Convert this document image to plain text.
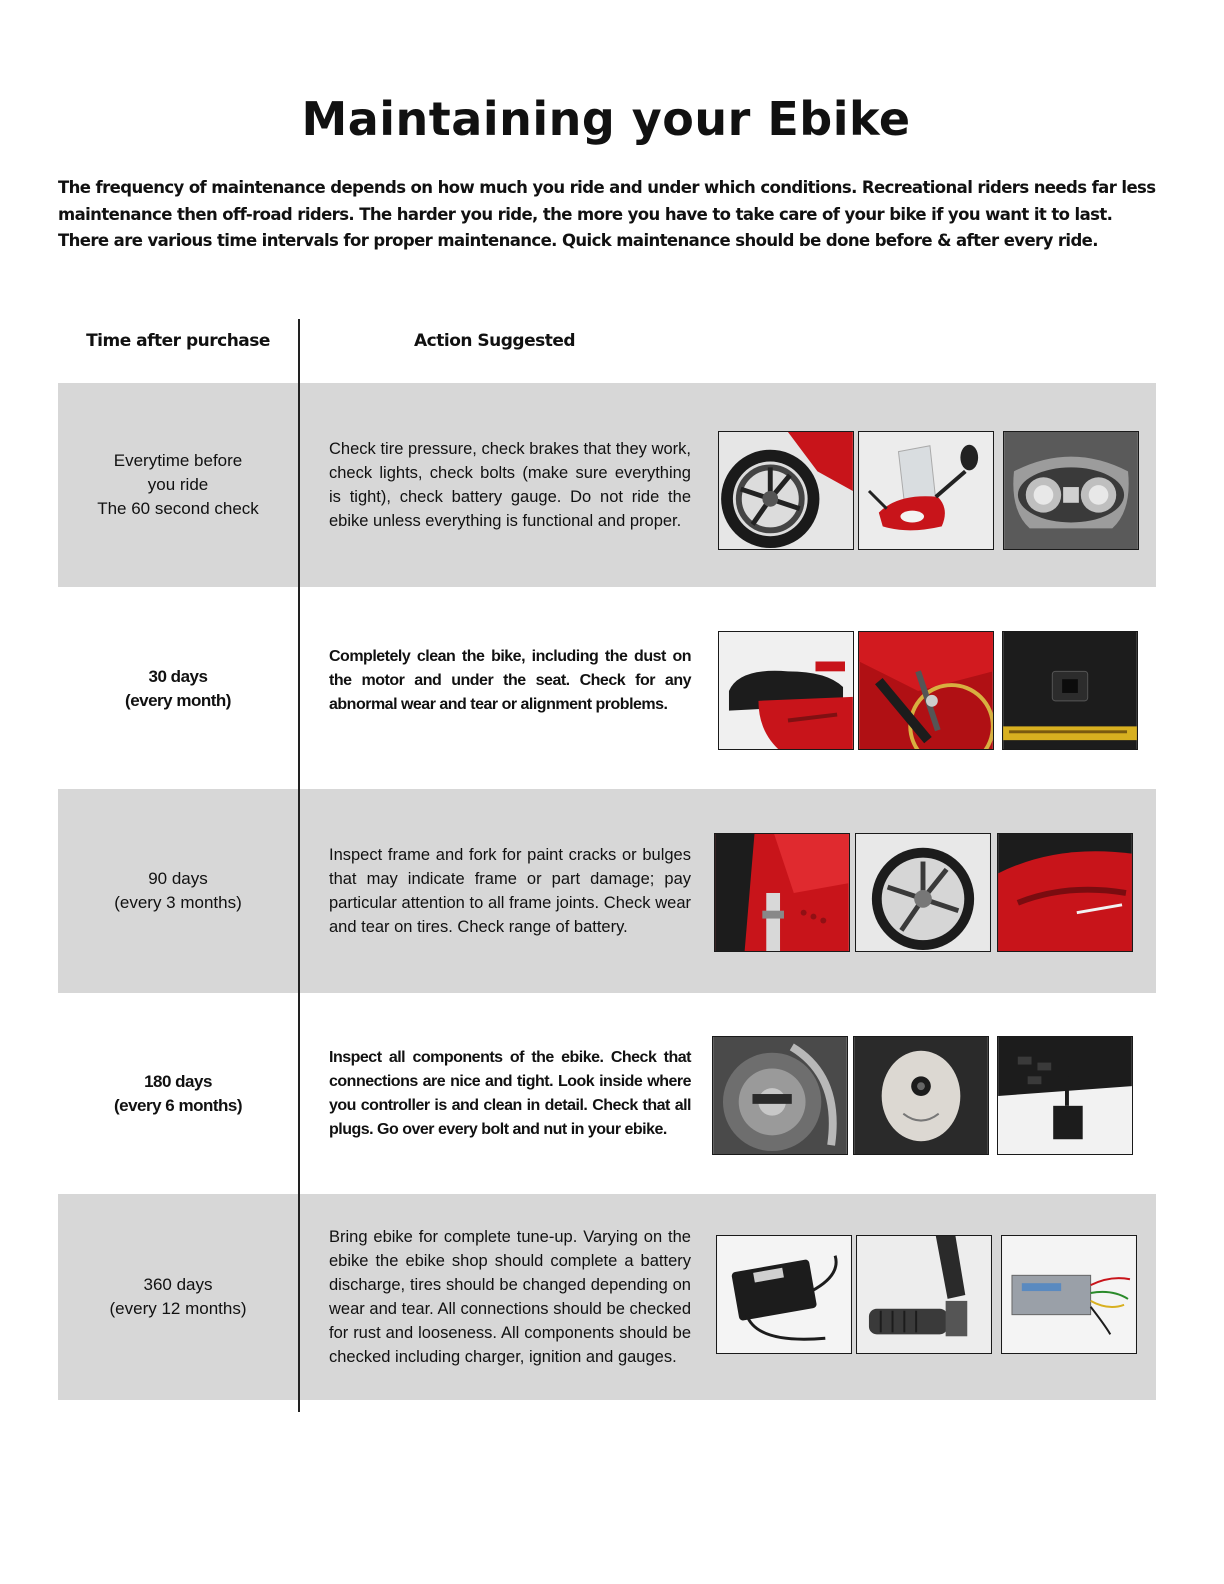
Maintaining your Ebike

The frequency of maintenance depends on how much you ride and under which conditions. Recreational riders needs far less maintenance then off-road riders. The harder you ride, the more you have to take care of your bike if you want it to last. There are various time intervals for proper maintenance. Quick maintenance should be done before & after every ride.

Time after purchase	Action Suggested
Everytime before
you ride
The 60 second check
Check tire pressure, check brakes that they work, check lights, check bolts (make sure everything is tight), check battery gauge. Do not ride the ebike unless everything is functional and proper.
30 days
(every month)
Completely clean the bike, including the dust on the motor and under the seat. Check for any abnormal wear and tear or alignment problems.
90 days
(every 3 months)
Inspect frame and fork for paint cracks or bulges that may indicate frame or part damage; pay particular attention to all frame joints. Check wear and tear on tires. Check range of battery.
180 days
(every 6 months)
Inspect all components of the ebike. Check that connections are nice and tight. Look inside where you controller is and clean in detail. Check that all plugs. Go over every bolt and nut in your ebike.
360 days
(every 12 months)
Bring ebike for complete tune-up. Varying on the ebike the ebike shop should complete a battery discharge, tires should be changed depending on wear and tear. All connections should be checked for rust and looseness. All components should be checked including charger, ignition and gauges.
